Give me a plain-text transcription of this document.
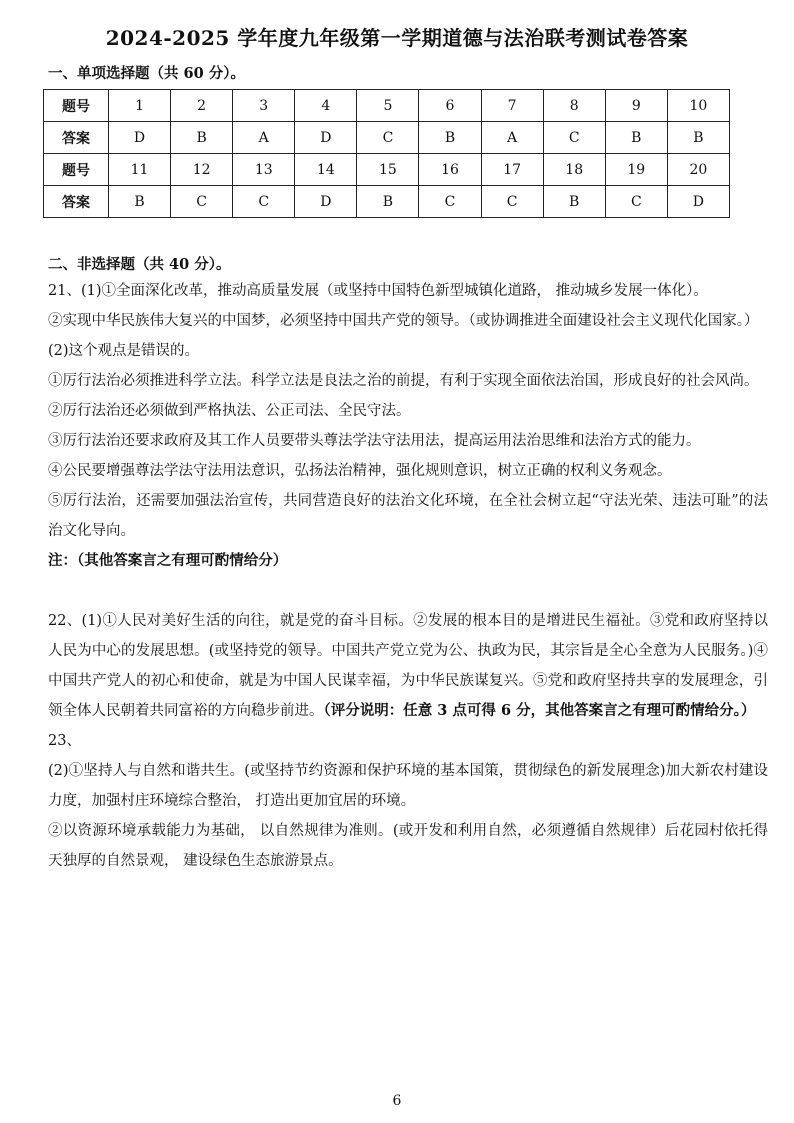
2024-2025 学年度九年级第一学期道德与法治联考测试卷答案
一、单项选择题（共 60 分）。
题号	1	2	3	4	5	6	7	8	9	10
答案	D	B	A	D	C	B	A	C	B	B
题号	11	12	13	14	15	16	17	18	19	20
答案	B	C	C	D	B	C	C	B	C	D
二、非选择题（共 40 分）。

21、(1)①全面深化改革，推动高质量发展（或坚持中国特色新型城镇化道路， 推动城乡发展一体化）。

②实现中华民族伟大复兴的中国梦，必须坚持中国共产党的领导。（或协调推进全面建设社会主义现代化国家。）

(2)这个观点是错误的。

①厉行法治必须推进科学立法。科学立法是良法之治的前提，有利于实现全面依法治国，形成良好的社会风尚。

②厉行法治还必须做到严格执法、公正司法、全民守法。

③厉行法治还要求政府及其工作人员要带头尊法学法守法用法，提高运用法治思维和法治方式的能力。

④公民要增强尊法学法守法用法意识，弘扬法治精神，强化规则意识，树立正确的权利义务观念。

⑤厉行法治，还需要加强法治宣传，共同营造良好的法治文化环境，在全社会树立起“守法光荣、违法可耻”的法治文化导向。

注：（其他答案言之有理可酌情给分）

22、(1)①人民对美好生活的向往，就是党的奋斗目标。②发展的根本目的是增进民生福祉。③党和政府坚持以人民为中心的发展思想。(或坚持党的领导。中国共产党立党为公、执政为民，其宗旨是全心全意为人民服务。)④中国共产党人的初心和使命，就是为中国人民谋幸福，为中华民族谋复兴。⑤党和政府坚持共享的发展理念，引领全体人民朝着共同富裕的方向稳步前进。（评分说明：任意 3 点可得 6 分，其他答案言之有理可酌情给分。）

23、

(2)①坚持人与自然和谐共生。(或坚持节约资源和保护环境的基本国策，贯彻绿色的新发展理念)加大新农村建设力度，加强村庄环境综合整治， 打造出更加宜居的环境。

②以资源环境承载能力为基础， 以自然规律为准则。(或开发和利用自然，必须遵循自然规律）后花园村依托得天独厚的自然景观， 建设绿色生态旅游景点。

6
